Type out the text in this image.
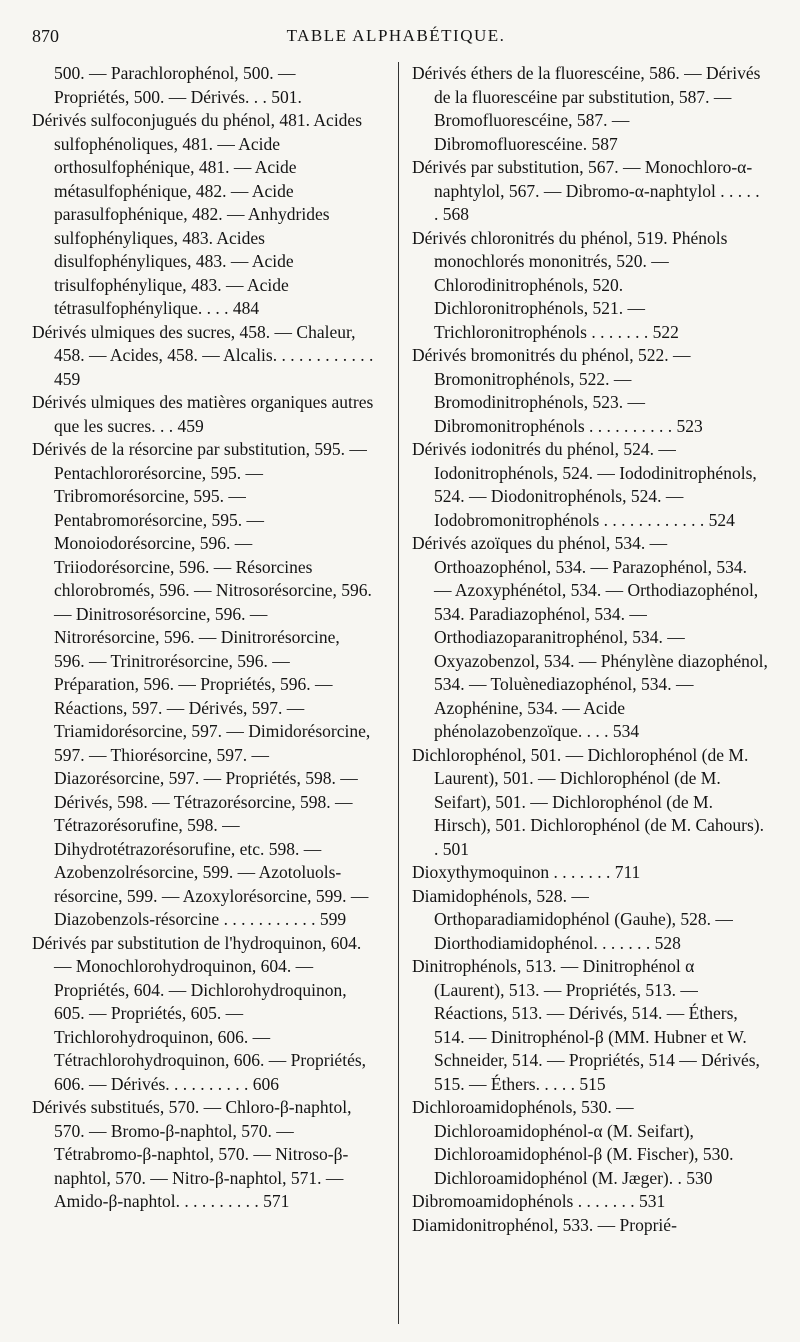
870	TABLE ALPHABÉTIQUE.

500. — Parachlorophénol, 500. — Propriétés, 500. — Dérivés. . . 501.

Dérivés sulfoconjugués du phénol, 481. Acides sulfophénoliques, 481. — Acide orthosulfophénique, 481. — Acide métasulfophénique, 482. — Acide parasulfophénique, 482. — Anhydrides sulfophényliques, 483. Acides disulfophényliques, 483. — Acide trisulfophénylique, 483. — Acide tétrasulfophénylique. . . . 484

Dérivés ulmiques des sucres, 458. — Chaleur, 458. — Acides, 458. — Alcalis. . . . . . . . . . . . 459

Dérivés ulmiques des matières organiques autres que les sucres. . . 459

Dérivés de la résorcine par substitution, 595. — Pentachlororésorcine, 595. — Tribromorésorcine, 595. — Pentabromorésorcine, 595. — Monoiodorésorcine, 596. — Triiodorésorcine, 596. — Résorcines chlorobromés, 596. — Nitrosorésorcine, 596. — Dinitrosorésorcine, 596. — Nitrorésorcine, 596. — Dinitrorésorcine, 596. — Trinitrorésorcine, 596. — Préparation, 596. — Propriétés, 596. — Réactions, 597. — Dérivés, 597. — Triamidorésorcine, 597. — Dimidorésorcine, 597. — Thiorésorcine, 597. — Diazorésorcine, 597. — Propriétés, 598. — Dérivés, 598. — Tétrazorésorcine, 598. — Tétrazorésorufine, 598. — Dihydrotétrazorésorufine, etc. 598. — Azobenzolrésorcine, 599. — Azotoluols-résorcine, 599. — Azoxylorésorcine, 599. — Diazobenzols-résorcine . . . . . . . . . . . 599

Dérivés par substitution de l'hydroquinon, 604. — Monochlorohydroquinon, 604. — Propriétés, 604. — Dichlorohydroquinon, 605. — Propriétés, 605. — Trichlorohydroquinon, 606. — Tétrachlorohydroquinon, 606. — Propriétés, 606. — Dérivés. . . . . . . . . . 606

Dérivés substitués, 570. — Chloro-β-naphtol, 570. — Bromo-β-naphtol, 570. — Tétrabromo-β-naphtol, 570. — Nitroso-β-naphtol, 570. — Nitro-β-naphtol, 571. — Amido-β-naphtol. . . . . . . . . . 571

Dérivés éthers de la fluorescéine, 586. — Dérivés de la fluorescéine par substitution, 587. — Bromofluorescéine, 587. — Dibromofluorescéine. 587

Dérivés par substitution, 567. — Monochloro-α-naphtylol, 567. — Dibromo-α-naphtylol . . . . . . 568

Dérivés chloronitrés du phénol, 519. Phénols monochlorés mononitrés, 520. — Chlorodinitrophénols, 520. Dichloronitrophénols, 521. — Trichloronitrophénols . . . . . . . 522

Dérivés bromonitrés du phénol, 522. — Bromonitrophénols, 522. — Bromodinitrophénols, 523. — Dibromonitrophénols . . . . . . . . . . 523

Dérivés iodonitrés du phénol, 524. — Iodonitrophénols, 524. — Iododinitrophénols, 524. — Diodonitrophénols, 524. — Iodobromonitrophénols . . . . . . . . . . . . 524

Dérivés azoïques du phénol, 534. — Orthoazophénol, 534. — Parazophénol, 534. — Azoxyphénétol, 534. — Orthodiazophénol, 534. Paradiazophénol, 534. — Orthodiazoparanitrophénol, 534. — Oxyazobenzol, 534. — Phénylène diazophénol, 534. — Toluènediazophénol, 534. — Azophénine, 534. — Acide phénolazobenzoïque. . . . 534

Dichlorophénol, 501. — Dichlorophénol (de M. Laurent), 501. — Dichlorophénol (de M. Seifart), 501. — Dichlorophénol (de M. Hirsch), 501. Dichlorophénol (de M. Cahours). . 501

Dioxythymoquinon . . . . . . . 711

Diamidophénols, 528. — Orthoparadiamidophénol (Gauhe), 528. — Diorthodiamidophénol. . . . . . . 528

Dinitrophénols, 513. — Dinitrophénol α (Laurent), 513. — Propriétés, 513. — Réactions, 513. — Dérivés, 514. — Éthers, 514. — Dinitrophénol-β (MM. Hubner et W. Schneider, 514. — Propriétés, 514 — Dérivés, 515. — Éthers. . . . . 515

Dichloroamidophénols, 530. — Dichloroamidophénol-α (M. Seifart), Dichloroamidophénol-β (M. Fischer), 530. Dichloroamidophénol (M. Jæger). . 530

Dibromoamidophénols . . . . . . . 531

Diamidonitrophénol, 533. — Proprié-
